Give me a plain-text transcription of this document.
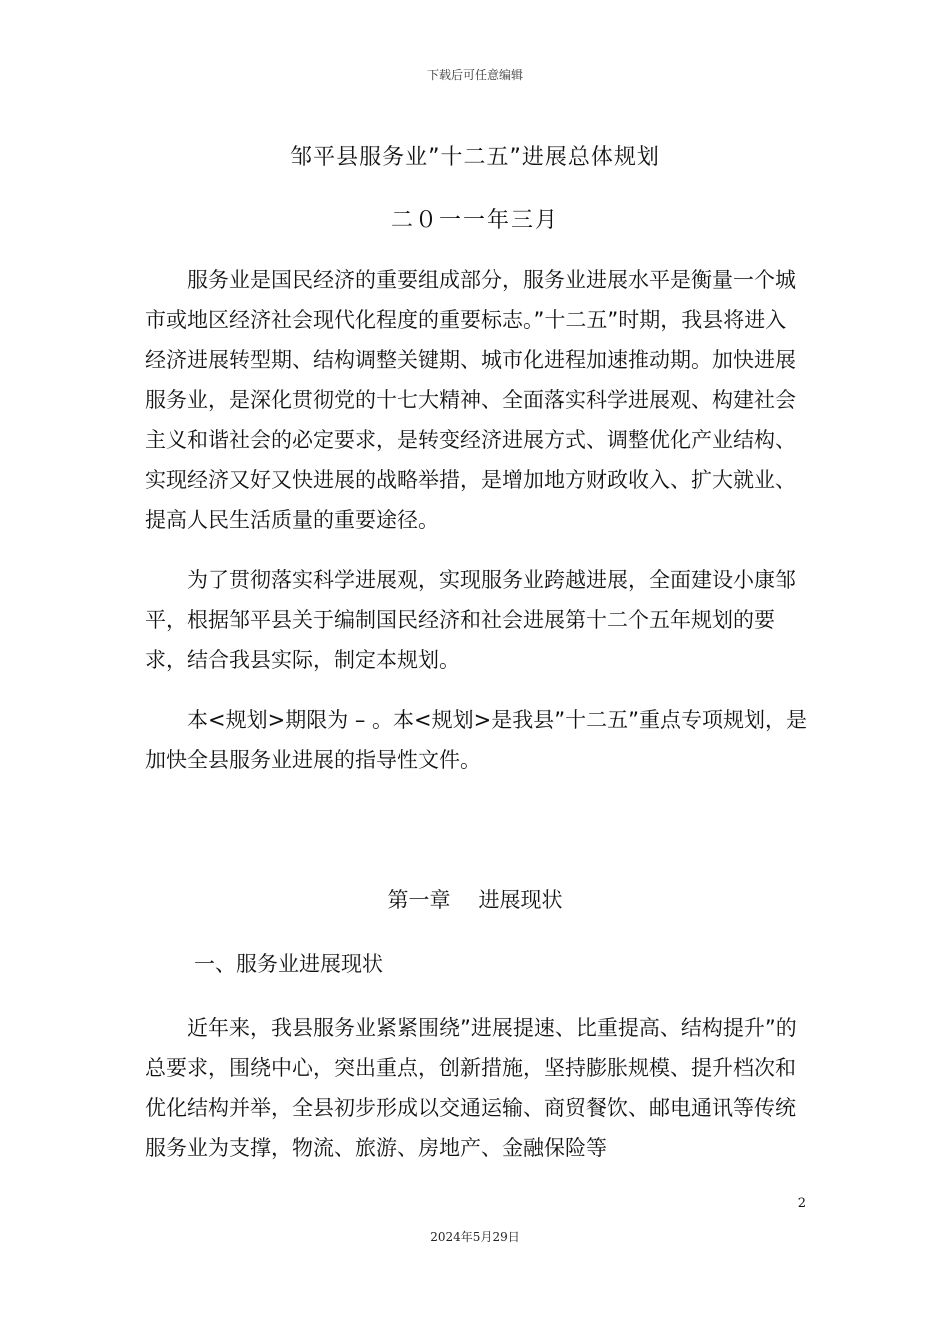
下载后可任意编辑
邹平县服务业”十二五”进展总体规划
二０一一年三月

服务业是国民经济的重要组成部分，服务业进展水平是衡量一个城市或地区经济社会现代化程度的重要标志。”十二五”时期，我县将进入经济进展转型期、结构调整关键期、城市化进程加速推动期。加快进展服务业，是深化贯彻党的十七大精神、全面落实科学进展观、构建社会主义和谐社会的必定要求，是转变经济进展方式、调整优化产业结构、实现经济又好又快进展的战略举措，是增加地方财政收入、扩大就业、提高人民生活质量的重要途径。

为了贯彻落实科学进展观，实现服务业跨越进展，全面建设小康邹平，根据邹平县关于编制国民经济和社会进展第十二个五年规划的要求，结合我县实际，制定本规划。

本<规划>期限为 – 。本<规划>是我县”十二五”重点专项规划，是加快全县服务业进展的指导性文件。

第一章 进展现状
一、服务业进展现状

近年来，我县服务业紧紧围绕”进展提速、比重提高、结构提升”的总要求，围绕中心，突出重点，创新措施，坚持膨胀规模、提升档次和优化结构并举，全县初步形成以交通运输、商贸餐饮、邮电通讯等传统服务业为支撑，物流、旅游、房地产、金融保险等

2
2024年5月29日
